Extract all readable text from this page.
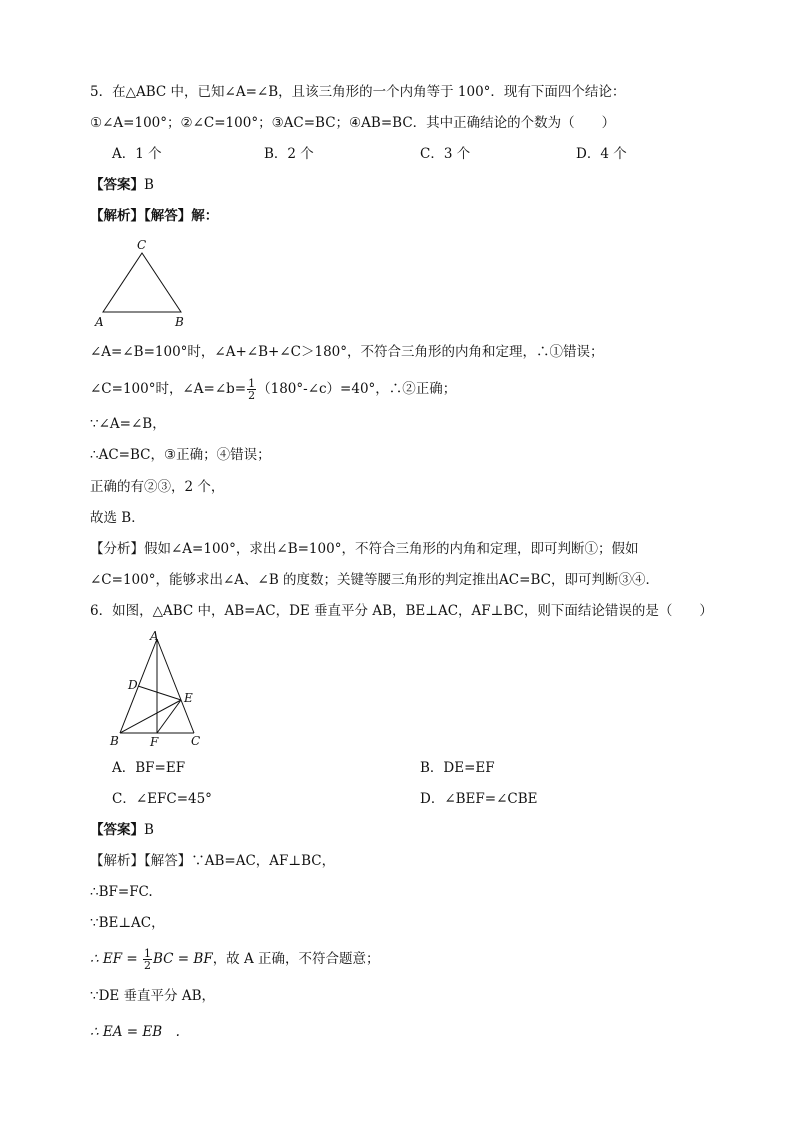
5．在△ABC 中，已知∠A=∠B，且该三角形的一个内角等于 100°．现有下面四个结论：
①∠A=100°；②∠C=100°；③AC=BC；④AB=BC．其中正确结论的个数为（　　）
A．1 个	B．2 个	C．3 个	D．4 个
【答案】B
【解析】【解答】解：
C
A	B
∠A=∠B=100°时，∠A+∠B+∠C＞180°，不符合三角形的内角和定理，∴①错误；
∠C=100°时，∠A=∠b= $\frac{1}{2}$ （180°-∠c）=40°，∴②正确；
∵∠A=∠B，
∴AC=BC，③正确；④错误；
正确的有②③，2 个，
故选 B．
【分析】假如∠A=100°，求出∠B=100°，不符合三角形的内角和定理，即可判断①；假如
∠C=100°，能够求出∠A、∠B 的度数；关键等腰三角形的判定推出AC=BC，即可判断③④．
6．如图，△ABC 中，AB=AC，DE 垂直平分 AB，BE⊥AC，AF⊥BC，则下面结论错误的是（　　）
A
D
E
B	F	C
A．BF=EF	B．DE=EF
C．∠EFC=45°	D．∠BEF=∠CBE
【答案】B
【解析】【解答】∵AB=AC，AF⊥BC，
∴BF=FC.
∵BE⊥AC，
∴ EF = $\frac{1}{2}$ BC = BF，故 A 正确，不符合题意；
∵DE 垂直平分 AB，
∴ EA = EB　.
